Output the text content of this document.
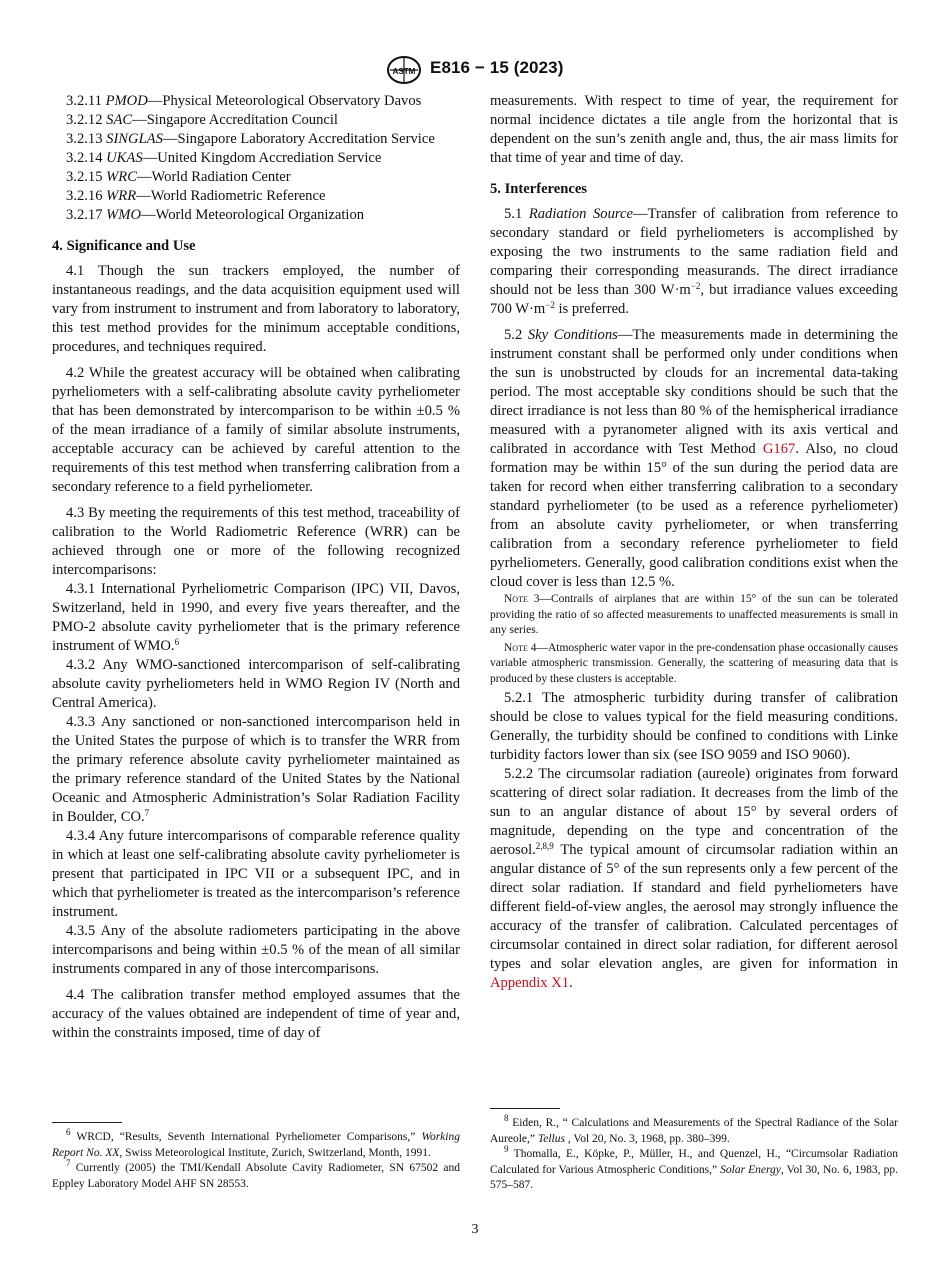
ASTM E816 − 15 (2023)

3.2.11 PMOD—Physical Meteorological Observatory Davos

3.2.12 SAC—Singapore Accreditation Council

3.2.13 SINGLAS—Singapore Laboratory Accreditation Service

3.2.14 UKAS—United Kingdom Accrediation Service

3.2.15 WRC—World Radiation Center

3.2.16 WRR—World Radiometric Reference

3.2.17 WMO—World Meteorological Organization

4. Significance and Use

4.1 Though the sun trackers employed, the number of instantaneous readings, and the data acquisition equipment used will vary from instrument to instrument and from laboratory to laboratory, this test method provides for the minimum acceptable conditions, procedures, and techniques required.

4.2 While the greatest accuracy will be obtained when calibrating pyrheliometers with a self-calibrating absolute cavity pyrheliometer that has been demonstrated by intercomparison to be within ±0.5 % of the mean irradiance of a family of similar absolute instruments, acceptable accuracy can be achieved by careful attention to the requirements of this test method when transferring calibration from a secondary reference to a field pyrheliometer.

4.3 By meeting the requirements of this test method, traceability of calibration to the World Radiometric Reference (WRR) can be achieved through one or more of the following recognized intercomparisons:

4.3.1 International Pyrheliometric Comparison (IPC) VII, Davos, Switzerland, held in 1990, and every five years thereafter, and the PMO-2 absolute cavity pyrheliometer that is the primary reference instrument of WMO.$^6$

4.3.2 Any WMO-sanctioned intercomparison of self-calibrating absolute cavity pyrheliometers held in WMO Region IV (North and Central America).

4.3.3 Any sanctioned or non-sanctioned intercomparison held in the United States the purpose of which is to transfer the WRR from the primary reference absolute cavity pyrheliometer maintained as the primary reference standard of the United States by the National Oceanic and Atmospheric Administration’s Solar Radiation Facility in Boulder, CO.$^7$

4.3.4 Any future intercomparisons of comparable reference quality in which at least one self-calibrating absolute cavity pyrheliometer is present that participated in IPC VII or a subsequent IPC, and in which that pyrheliometer is treated as the intercomparison’s reference instrument.

4.3.5 Any of the absolute radiometers participating in the above intercomparisons and being within ±0.5 % of the mean of all similar instruments compared in any of those intercomparisons.

4.4 The calibration transfer method employed assumes that the accuracy of the values obtained are independent of time of year and, within the constraints imposed, time of day of

measurements. With respect to time of year, the requirement for normal incidence dictates a tile angle from the horizontal that is dependent on the sun’s zenith angle and, thus, the air mass limits for that time of year and time of day.

5. Interferences

5.1 Radiation Source—Transfer of calibration from reference to secondary standard or field pyrheliometers is accomplished by exposing the two instruments to the same radiation field and comparing their corresponding measurands. The direct irradiance should not be less than 300 $W\cdot m^{-2}$, but irradiance values exceeding 700 $W\cdot m^{-2}$ is preferred.

5.2 Sky Conditions—The measurements made in determining the instrument constant shall be performed only under conditions when the sun is unobstructed by clouds for an incremental data-taking period. The most acceptable sky conditions should be such that the direct irradiance is not less than 80 % of the hemispherical irradiance measured with a pyranometer aligned with its axis vertical and calibrated in accordance with Test Method G167. Also, no cloud formation may be within 15° of the sun during the period data are taken for record when either transferring calibration to a secondary standard pyrheliometer (to be used as a reference pyrheliometer) from an absolute cavity pyrheliometer, or when transferring calibration from a secondary reference pyrheliometer to field pyrheliometers. Generally, good calibration conditions exist when the cloud cover is less than 12.5 %.

Note 3—Contrails of airplanes that are within 15° of the sun can be tolerated providing the ratio of so affected measurements to unaffected measurements is small in any series.

Note 4—Atmospheric water vapor in the pre-condensation phase occasionally causes variable atmospheric transmission. Generally, the scattering of measuring data that is produced by these clusters is acceptable.

5.2.1 The atmospheric turbidity during transfer of calibration should be close to values typical for the field measuring conditions. Generally, the turbidity should be confined to conditions with Linke turbidity factors lower than six (see ISO 9059 and ISO 9060).

5.2.2 The circumsolar radiation (aureole) originates from forward scattering of direct solar radiation. It decreases from the limb of the sun to an angular distance of about 15° by several orders of magnitude, depending on the type and concentration of the aerosol.$^{2,8,9}$ The typical amount of circumsolar radiation within an angular distance of 5° of the sun represents only a few percent of the direct solar radiation. If standard and field pyrheliometers have different field-of-view angles, the aerosol may strongly influence the accuracy of the transfer of calibration. Calculated percentages of circumsolar contained in direct solar radiation, for different aerosol types and solar elevation angles, are given for information in Appendix X1.

$^6$ WRCD, “Results, Seventh International Pyrheliometer Comparisons,” Working Report No. XX, Swiss Meteorological Institute, Zurich, Switzerland, Month, 1991.

$^7$ Currently (2005) the TMI/Kendall Absolute Cavity Radiometer, SN 67502 and Eppley Laboratory Model AHF SN 28553.

$^8$ Eiden, R., “ Calculations and Measurements of the Spectral Radiance of the Solar Aureole,” Tellus , Vol 20, No. 3, 1968, pp. 380–399.

$^9$ Thomalla, E., Köpke, P., Müller, H., and Quenzel, H., “Circumsolar Radiation Calculated for Various Atmospheric Conditions,” Solar Energy, Vol 30, No. 6, 1983, pp. 575–587.

3
